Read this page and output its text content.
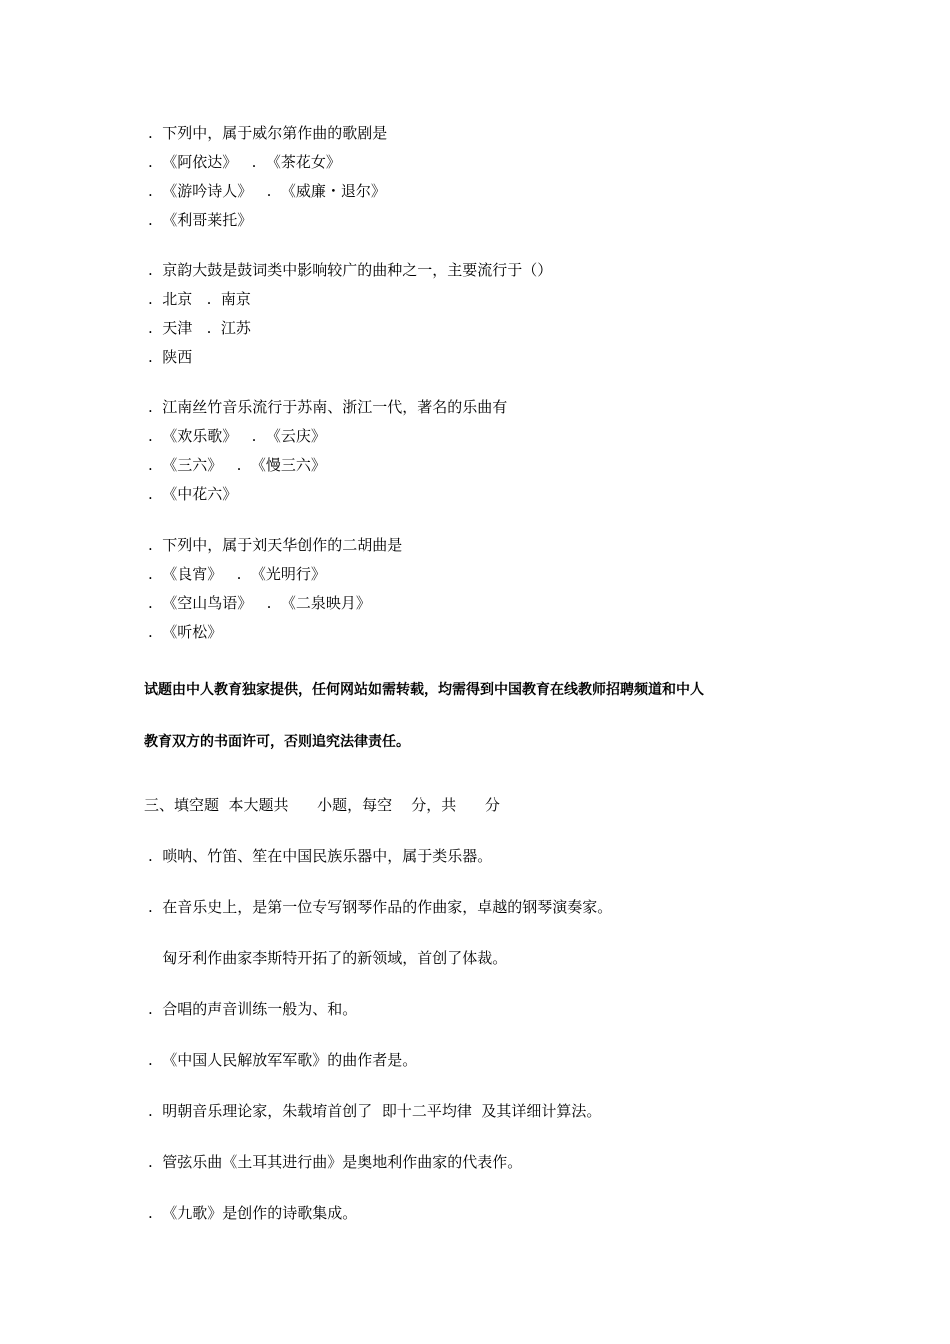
.  下列中，属于威尔第作曲的歌剧是
.  《阿依达》   .  《茶花女》
.  《游吟诗人》   .  《威廉・退尔》
.  《利哥莱托》
.  京韵大鼓是鼓词类中影响较广的曲种之一，主要流行于（）
.  北京   .  南京
.  天津   .  江苏
.  陕西
.  江南丝竹音乐流行于苏南、浙江一代，著名的乐曲有
.  《欢乐歌》   .  《云庆》
.  《三六》   .  《慢三六》
.  《中花六》
.  下列中，属于刘天华创作的二胡曲是
.  《良宵》   .  《光明行》
.  《空山鸟语》   .  《二泉映月》
.  《听松》
试题由中人教育独家提供，任何网站如需转载，均需得到中国教育在线教师招聘频道和中人
教育双方的书面许可，否则追究法律责任。
三、填空题  本大题共      小题，每空    分，共      分
.  唢呐、竹笛、笙在中国民族乐器中，属于类乐器。
.  在音乐史上，是第一位专写钢琴作品的作曲家，卓越的钢琴演奏家。
匈牙利作曲家李斯特开拓了的新领域，首创了体裁。
.  合唱的声音训练一般为、和。
.  《中国人民解放军军歌》的曲作者是。
.  明朝音乐理论家，朱载堉首创了  即十二平均律  及其详细计算法。
.  管弦乐曲《土耳其进行曲》是奥地利作曲家的代表作。
.  《九歌》是创作的诗歌集成。
